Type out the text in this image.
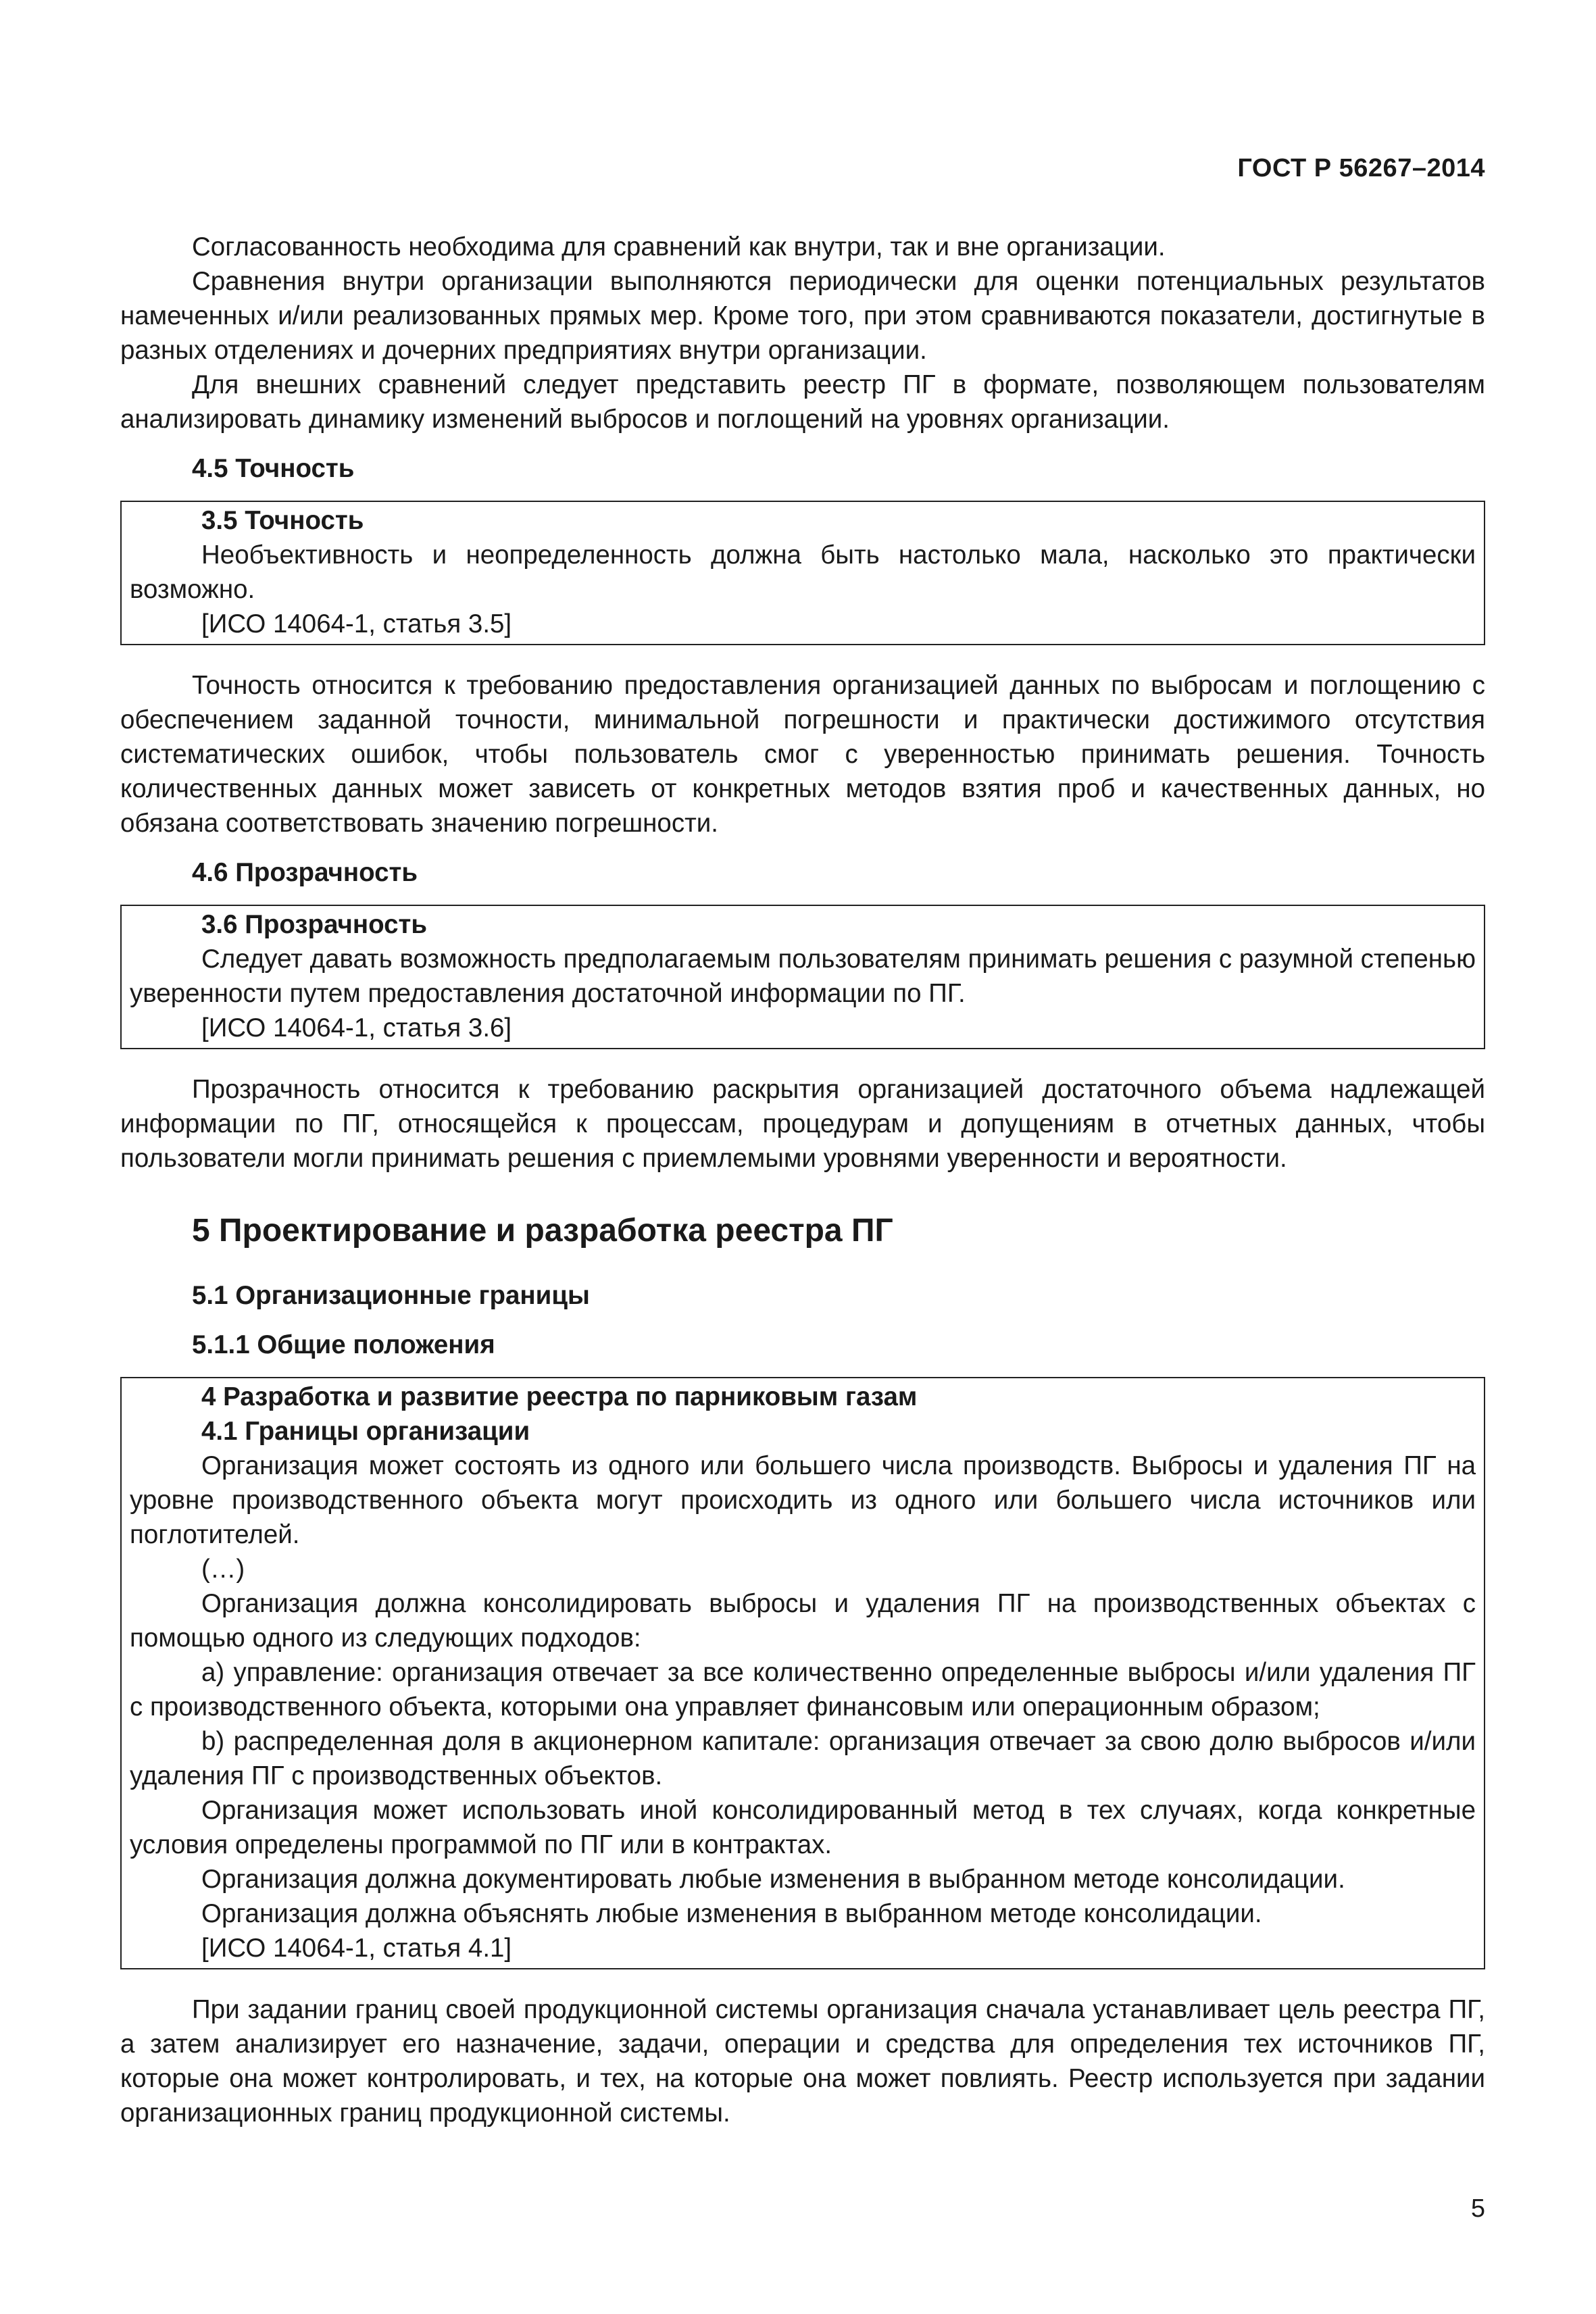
ГОСТ Р 56267–2014

Согласованность необходима для сравнений как внутри, так и вне организации.

Сравнения внутри организации выполняются периодически для оценки потенциальных результатов намеченных и/или реализованных прямых мер. Кроме того, при этом сравниваются показатели, достигнутые в разных отделениях и дочерних предприятиях внутри организации.

Для внешних сравнений следует представить реестр ПГ в формате, позволяющем пользователям анализировать динамику изменений выбросов и поглощений на уровнях организации.

4.5 Точность
3.5 Точность

Необъективность и неопределенность должна быть настолько мала, насколько это практически возможно.

[ИСО 14064-1, статья 3.5]

Точность относится к требованию предоставления организацией данных по выбросам и поглощению с обеспечением заданной точности, минимальной погрешности и практически достижимого отсутствия систематических ошибок, чтобы пользователь смог с уверенностью принимать решения. Точность количественных данных может зависеть от конкретных методов взятия проб и качественных данных, но обязана соответствовать значению погрешности.

4.6 Прозрачность
3.6 Прозрачность

Следует давать возможность предполагаемым пользователям принимать решения с разумной степенью уверенности путем предоставления достаточной информации по ПГ.

[ИСО 14064-1, статья 3.6]

Прозрачность относится к требованию раскрытия организацией достаточного объема надлежащей информации по ПГ, относящейся к процессам, процедурам и допущениям в отчетных данных, чтобы пользователи могли принимать решения с приемлемыми уровнями уверенности и вероятности.

5 Проектирование и разработка реестра ПГ
5.1 Организационные границы
5.1.1 Общие положения
4 Разработка и развитие реестра по парниковым газам
4.1 Границы организации

Организация может состоять из одного или большего числа производств. Выбросы и удаления ПГ на уровне производственного объекта могут происходить из одного или большего числа источников или поглотителей.

(…)

Организация должна консолидировать выбросы и удаления ПГ на производственных объектах с помощью одного из следующих подходов:

a) управление: организация отвечает за все количественно определенные выбросы и/или удаления ПГ с производственного объекта, которыми она управляет финансовым или операционным образом;

b) распределенная доля в акционерном капитале: организация отвечает за свою долю выбросов и/или удаления ПГ с производственных объектов.

Организация может использовать иной консолидированный метод в тех случаях, когда конкретные условия определены программой по ПГ или в контрактах.

Организация должна документировать любые изменения в выбранном методе консолидации.

Организация должна объяснять любые изменения в выбранном методе консолидации.

[ИСО 14064-1, статья 4.1]

При задании границ своей продукционной системы организация сначала устанавливает цель реестра ПГ, а затем анализирует его назначение, задачи, операции и средства для определения тех источников ПГ, которые она может контролировать, и тех, на которые она может повлиять. Реестр используется при задании организационных границ продукционной системы.

5
